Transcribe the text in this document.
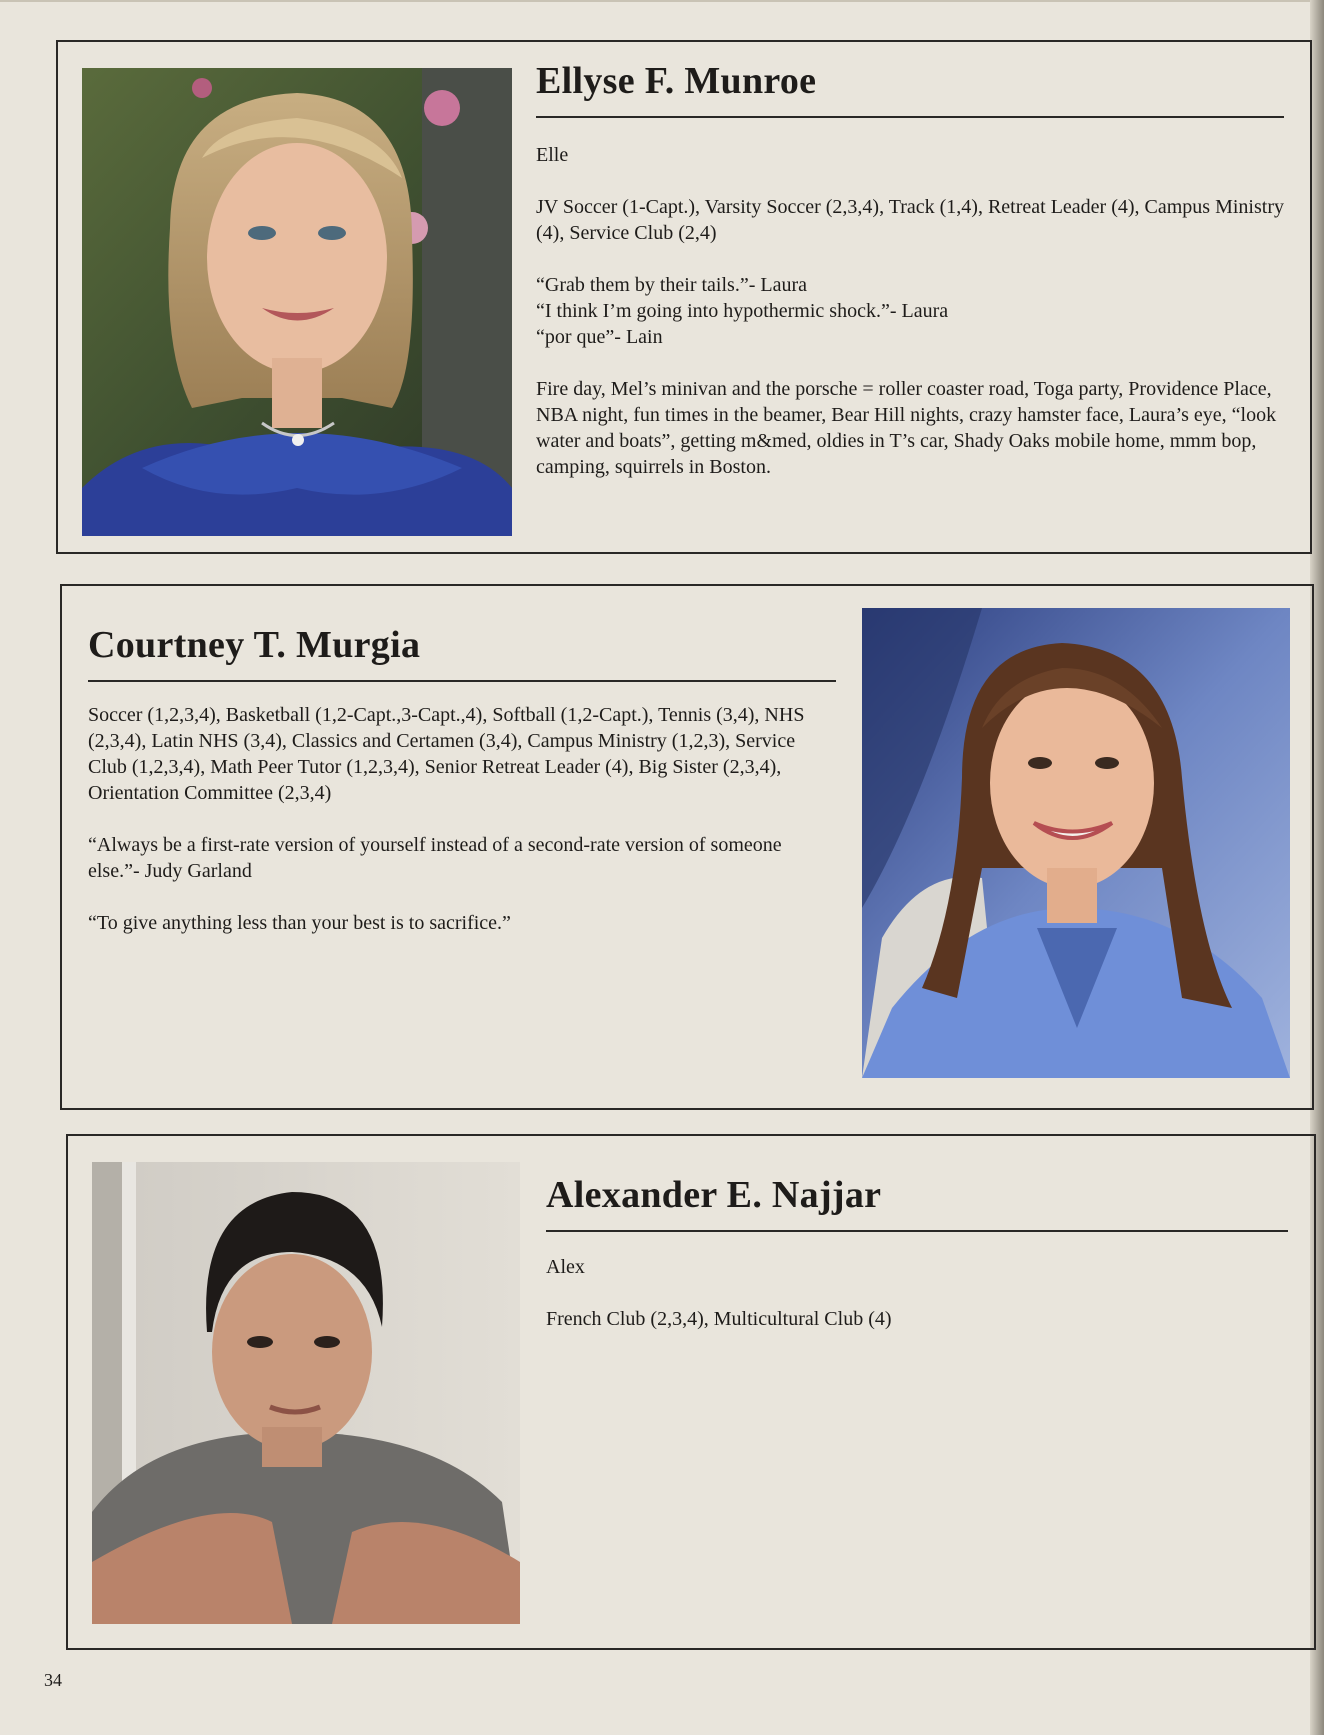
Ellyse F. Munroe

Elle

JV Soccer (1-Capt.), Varsity Soccer (2,3,4), Track (1,4), Retreat Leader (4), Campus Ministry (4), Service Club (2,4)

“Grab them by their tails.”- Laura

“I think I’m going into hypothermic shock.”- Laura

“por que”- Lain

Fire day, Mel’s minivan and the porsche = roller coaster road, Toga party, Providence Place, NBA night, fun times in the beamer, Bear Hill nights, crazy hamster face, Laura’s eye, “look water and boats”, getting m&med, oldies in T’s car, Shady Oaks mobile home, mmm bop, camping, squirrels in Boston.

Courtney T. Murgia

Soccer (1,2,3,4), Basketball (1,2-Capt.,3-Capt.,4), Softball (1,2-Capt.), Tennis (3,4), NHS (2,3,4), Latin NHS (3,4), Classics and Certamen (3,4), Campus Ministry (1,2,3), Service Club (1,2,3,4), Math Peer Tutor (1,2,3,4), Senior Retreat Leader (4), Big Sister (2,3,4), Orientation Committee (2,3,4)

“Always be a first-rate version of yourself instead of a second-rate version of someone else.”- Judy Garland

“To give anything less than your best is to sacrifice.”

Alexander E. Najjar

Alex

French Club (2,3,4), Multicultural Club (4)

34
